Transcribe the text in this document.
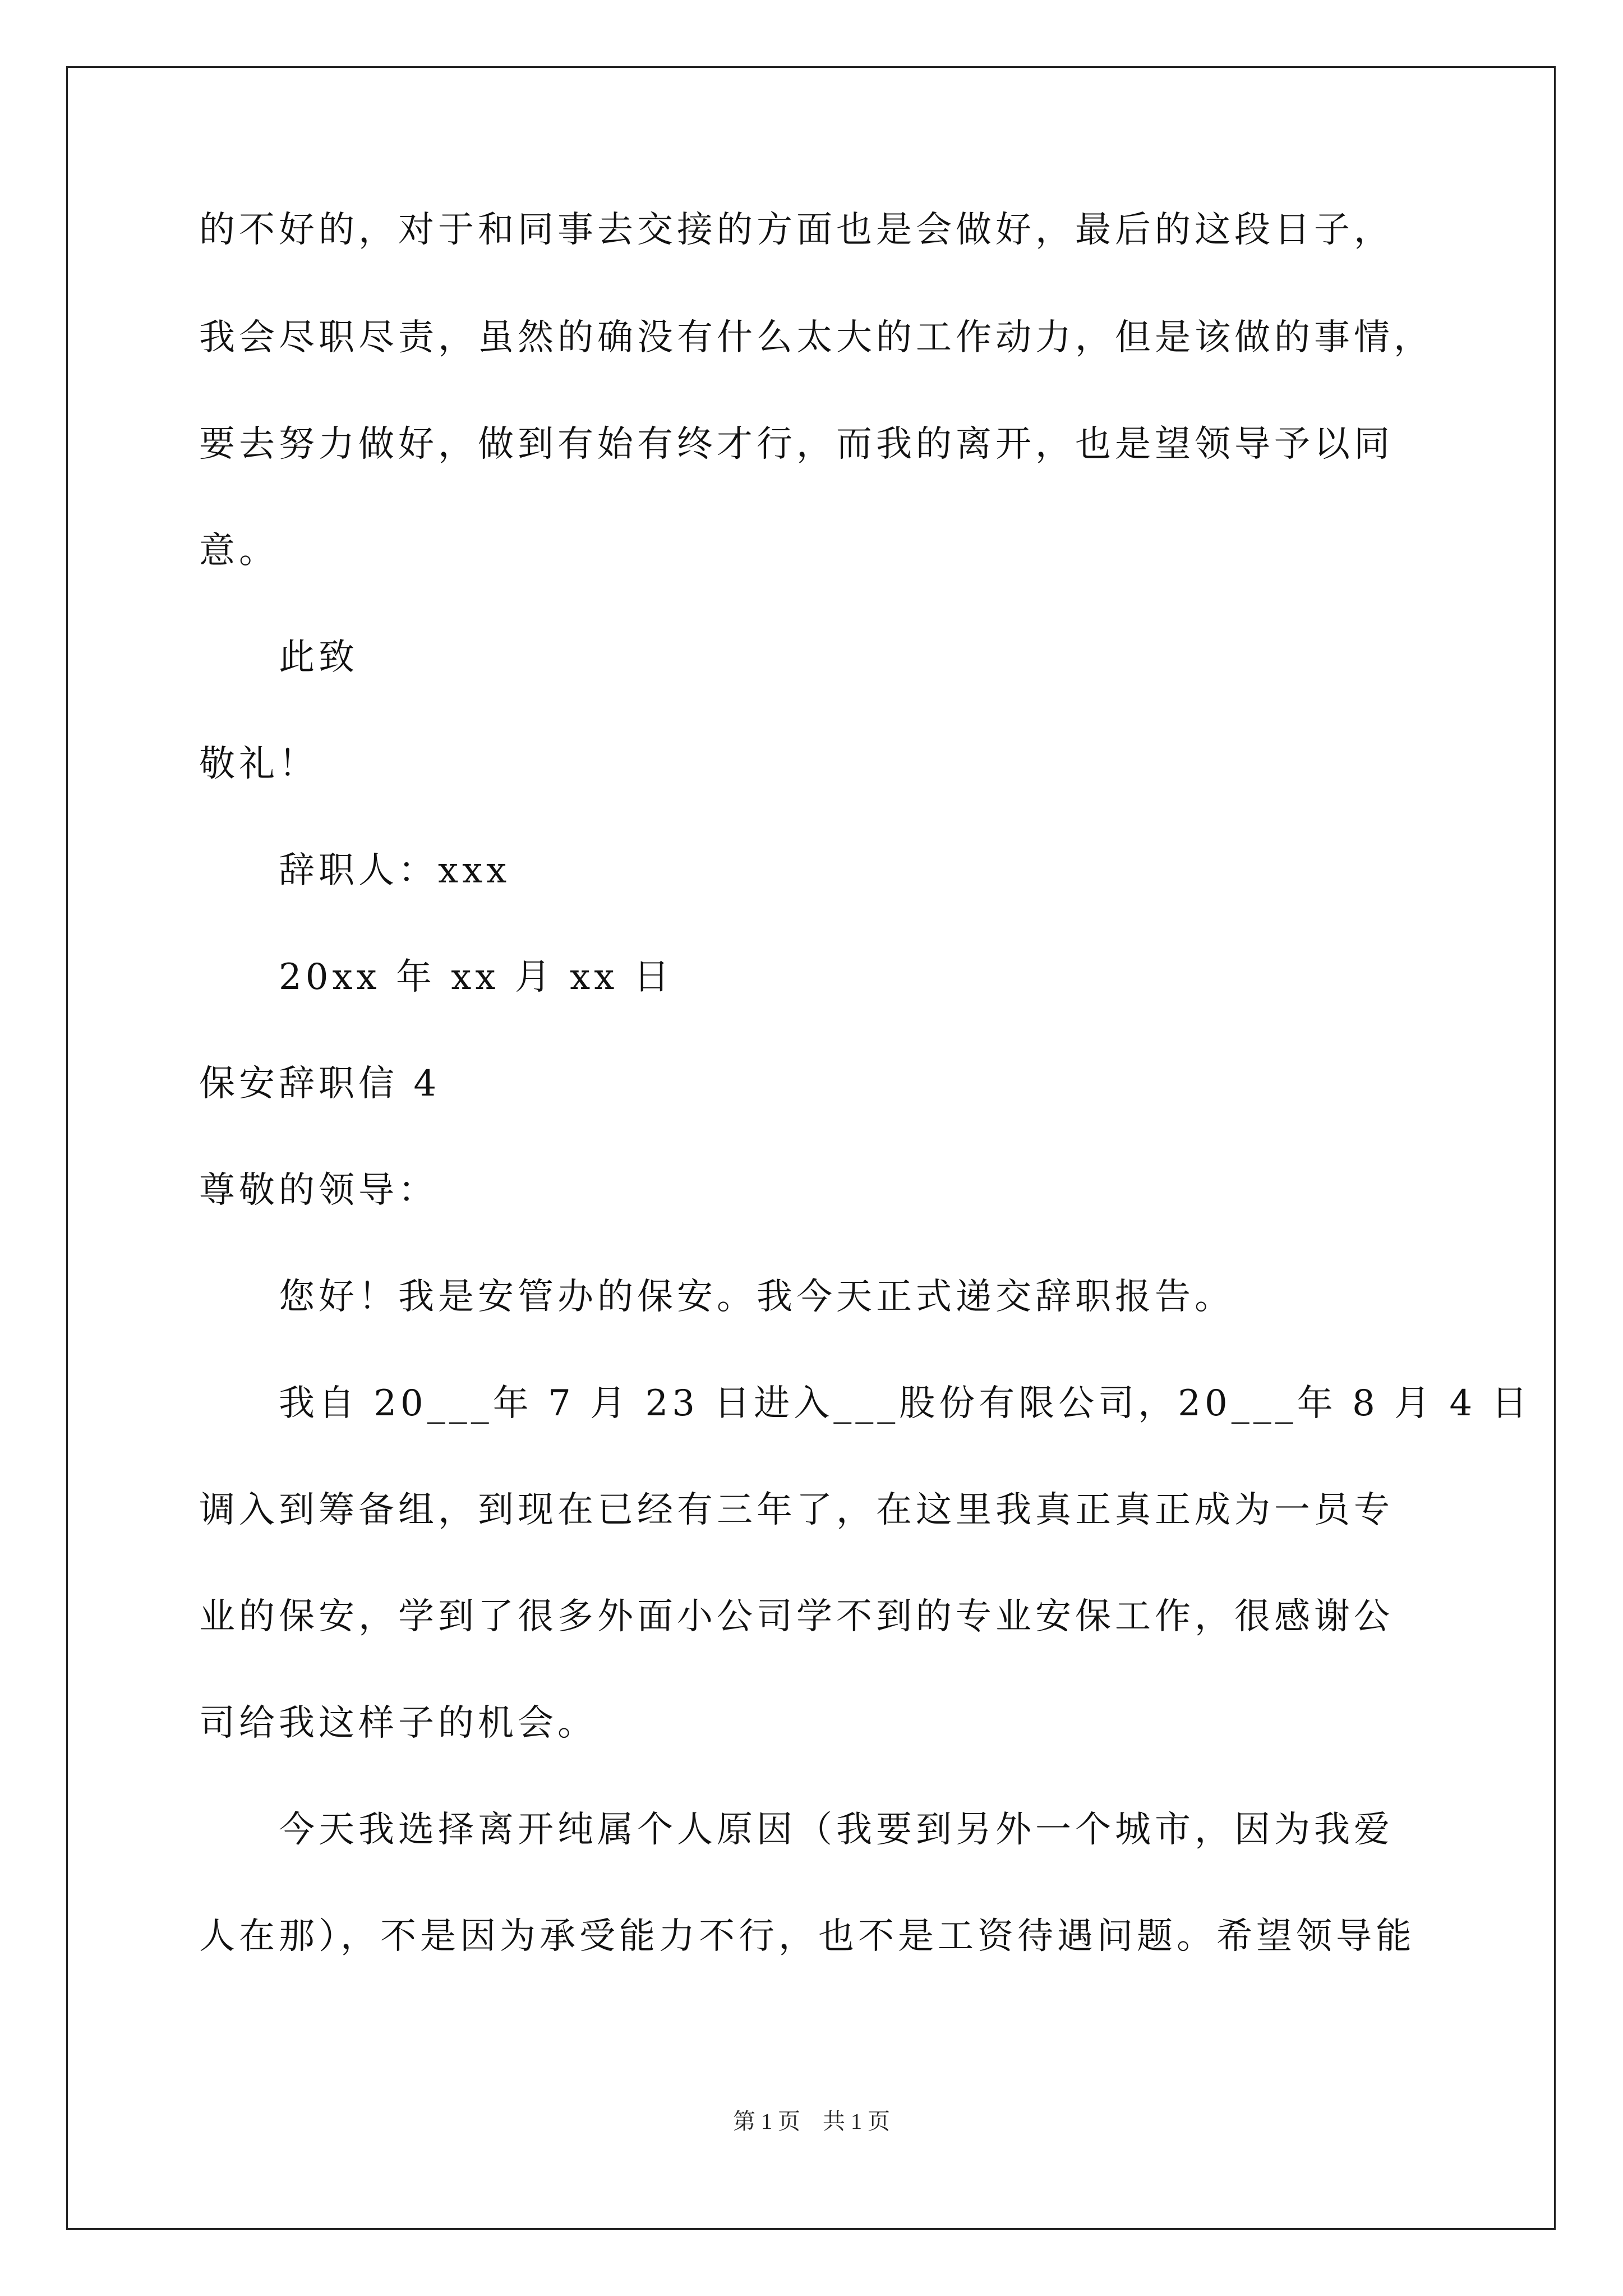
的不好的，对于和同事去交接的方面也是会做好，最后的这段日子，
我会尽职尽责，虽然的确没有什么太大的工作动力，但是该做的事情，
要去努力做好，做到有始有终才行，而我的离开，也是望领导予以同
意。
此致
敬礼！
辞职人：xxx
20xx 年 xx 月 xx 日
保安辞职信 4
尊敬的领导：
您好！我是安管办的保安。我今天正式递交辞职报告。
我自 20___年 7 月 23 日进入___股份有限公司，20___年 8 月 4 日
调入到筹备组，到现在已经有三年了，在这里我真正真正成为一员专
业的保安，学到了很多外面小公司学不到的专业安保工作，很感谢公
司给我这样子的机会。
今天我选择离开纯属个人原因（我要到另外一个城市，因为我爱
人在那），不是因为承受能力不行，也不是工资待遇问题。希望领导能
第 1 页 共 1 页
